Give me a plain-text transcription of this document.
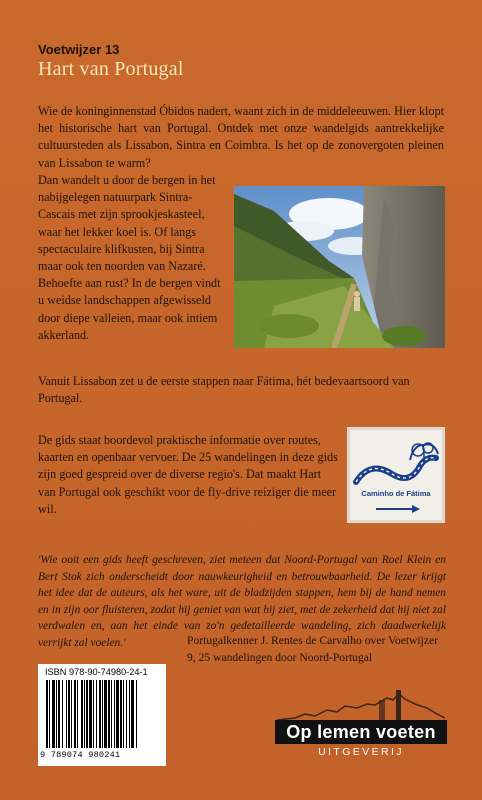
Voetwijzer 13
Hart van Portugal

Wie de koninginnenstad Óbidos nadert, waant zich in de middeleeuwen. Hier klopt het historische hart van Portugal. Ontdek met onze wandelgids aantrekkelijke cultuursteden als Lissabon, Sintra en Coimbra. Is het op de zonovergoten pleinen van Lissabon te warm?

Dan wandelt u door de bergen in het nabijgelegen natuurpark Sintra-Cascais met zijn sprookjeskasteel, waar het lekker koel is. Of langs spectaculaire klifkusten, bij Sintra maar ook ten noorden van Nazaré. Behoefte aan rust? In de bergen vindt u weidse landschappen afgewisseld door diepe valleien, maar ook intiem akkerland.

Vanuit Lissabon zet u de eerste stappen naar Fátima, hét bedevaartsoord van Portugal.

De gids staat boordevol praktische informatie over routes, kaarten en openbaar vervoer. De 25 wandelingen in deze gids zijn goed gespreid over de diverse regio's. Dat maakt Hart van Portugal ook geschikt voor de fly-drive reiziger die meer wil.

Caminho de Fátima

'Wie ooit een gids heeft geschreven, ziet meteen dat Noord-Portugal van Roel Klein en Bert Stok zich onderscheidt door nauwkeurigheid en betrouwbaarheid. De lezer krijgt het idee dat de auteurs, als het ware, uit de bladzijden stappen, hem bij de hand nemen en in zijn oor fluisteren, zodat hij geniet van wat hij ziet, met de zekerheid dat hij niet zal verdwalen en, aan het einde van zo'n gedetailleerde wandeling, zich daadwerkelijk verrijkt zal voelen.'	Portugalkenner J. Rentes de Carvalho over Voetwijzer 9, 25 wandelingen door Noord-Portugal

ISBN 978-90-74980-24-1
9 789074 980241
Op lemen voeten
UITGEVERIJ
